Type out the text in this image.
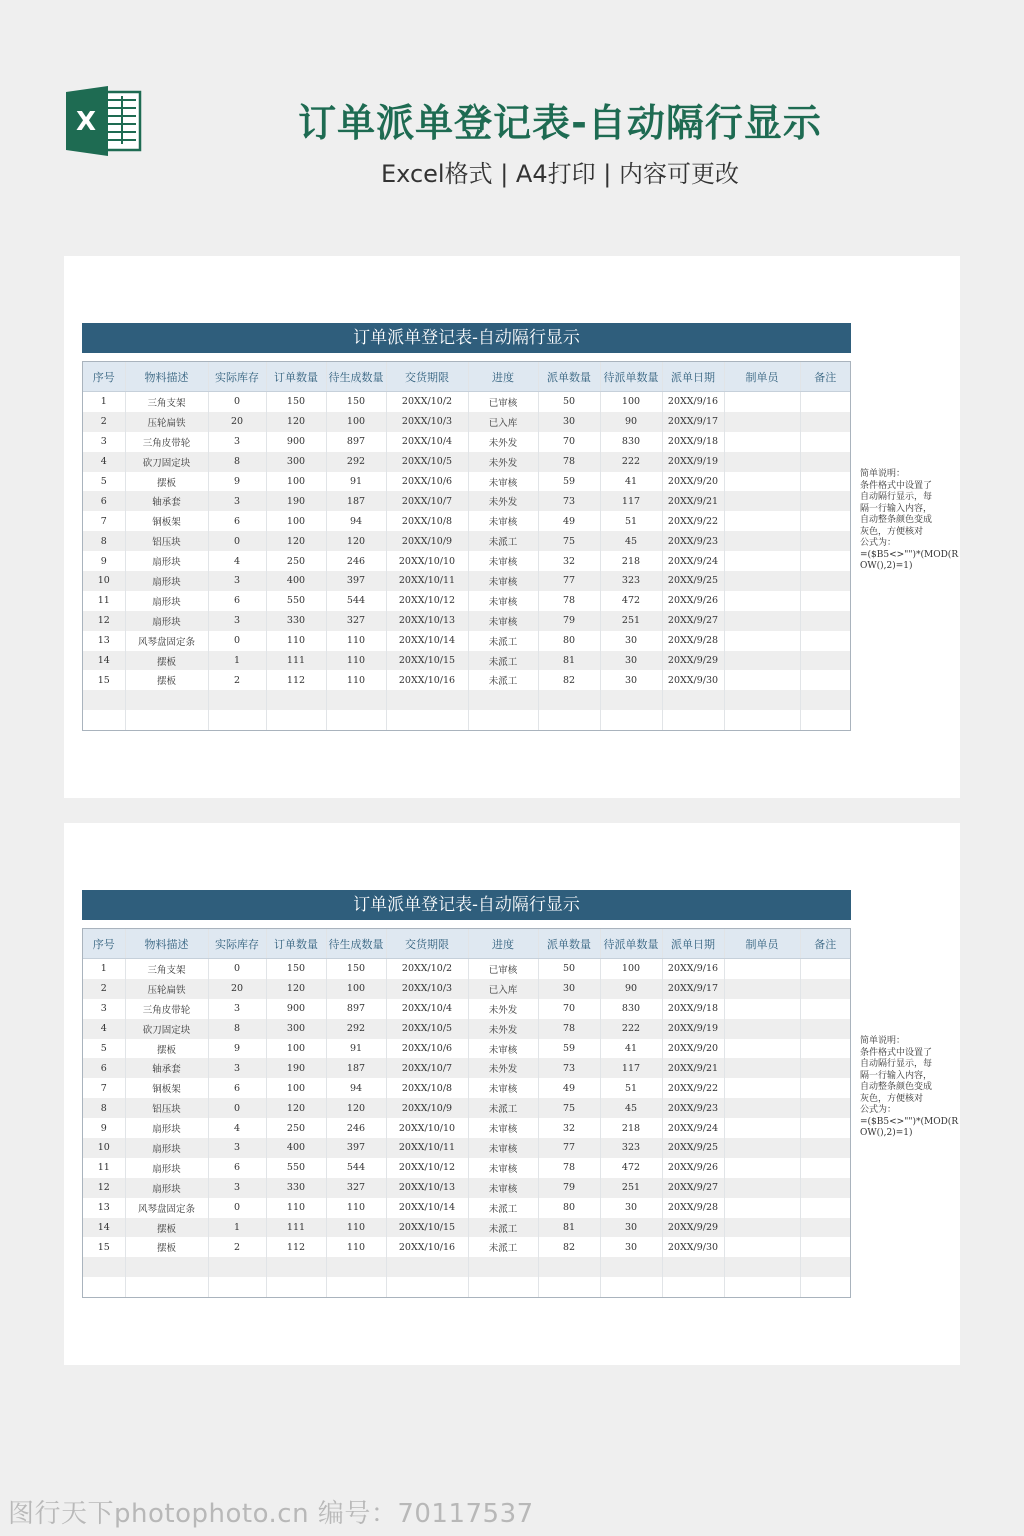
X	订单派单登记表-自动隔行显示
Excel格式 | A4打印 | 内容可更改
订单派单登记表-自动隔行显示
序号	物料描述	实际库存	订单数量	待生成数量	交货期限	进度	派单数量	待派单数量	派单日期	制单员	备注
1	三角支架	0	150	150	20XX/10/2	已审核	50	100	20XX/9/16		
2	压轮扁铁	20	120	100	20XX/10/3	已入库	30	90	20XX/9/17		
3	三角皮带轮	3	900	897	20XX/10/4	未外发	70	830	20XX/9/18		
4	砍刀固定块	8	300	292	20XX/10/5	未外发	78	222	20XX/9/19		
5	摆板	9	100	91	20XX/10/6	未审核	59	41	20XX/9/20		
6	轴承套	3	190	187	20XX/10/7	未外发	73	117	20XX/9/21		
7	铜板架	6	100	94	20XX/10/8	未审核	49	51	20XX/9/22		
8	铝压块	0	120	120	20XX/10/9	未派工	75	45	20XX/9/23		
9	扇形块	4	250	246	20XX/10/10	未审核	32	218	20XX/9/24		
10	扇形块	3	400	397	20XX/10/11	未审核	77	323	20XX/9/25		
11	扇形块	6	550	544	20XX/10/12	未审核	78	472	20XX/9/26		
12	扇形块	3	330	327	20XX/10/13	未审核	79	251	20XX/9/27		
13	风琴盘固定条	0	110	110	20XX/10/14	未派工	80	30	20XX/9/28		
14	摆板	1	111	110	20XX/10/15	未派工	81	30	20XX/9/29		
15	摆板	2	112	110	20XX/10/16	未派工	82	30	20XX/9/30		

简单说明：
条件格式中设置了
自动隔行显示，每
隔一行输入内容，
自动整条颜色变成
灰色，方便核对
公式为：
=($B5<>"")*(MOD(R
OW(),2)=1)
订单派单登记表-自动隔行显示
序号	物料描述	实际库存	订单数量	待生成数量	交货期限	进度	派单数量	待派单数量	派单日期	制单员	备注
1	三角支架	0	150	150	20XX/10/2	已审核	50	100	20XX/9/16		
2	压轮扁铁	20	120	100	20XX/10/3	已入库	30	90	20XX/9/17		
3	三角皮带轮	3	900	897	20XX/10/4	未外发	70	830	20XX/9/18		
4	砍刀固定块	8	300	292	20XX/10/5	未外发	78	222	20XX/9/19		
5	摆板	9	100	91	20XX/10/6	未审核	59	41	20XX/9/20		
6	轴承套	3	190	187	20XX/10/7	未外发	73	117	20XX/9/21		
7	铜板架	6	100	94	20XX/10/8	未审核	49	51	20XX/9/22		
8	铝压块	0	120	120	20XX/10/9	未派工	75	45	20XX/9/23		
9	扇形块	4	250	246	20XX/10/10	未审核	32	218	20XX/9/24		
10	扇形块	3	400	397	20XX/10/11	未审核	77	323	20XX/9/25		
11	扇形块	6	550	544	20XX/10/12	未审核	78	472	20XX/9/26		
12	扇形块	3	330	327	20XX/10/13	未审核	79	251	20XX/9/27		
13	风琴盘固定条	0	110	110	20XX/10/14	未派工	80	30	20XX/9/28		
14	摆板	1	111	110	20XX/10/15	未派工	81	30	20XX/9/29		
15	摆板	2	112	110	20XX/10/16	未派工	82	30	20XX/9/30		

简单说明：
条件格式中设置了
自动隔行显示，每
隔一行输入内容，
自动整条颜色变成
灰色，方便核对
公式为：
=($B5<>"")*(MOD(R
OW(),2)=1)
图行天下photophoto.cn 编号：70117537
